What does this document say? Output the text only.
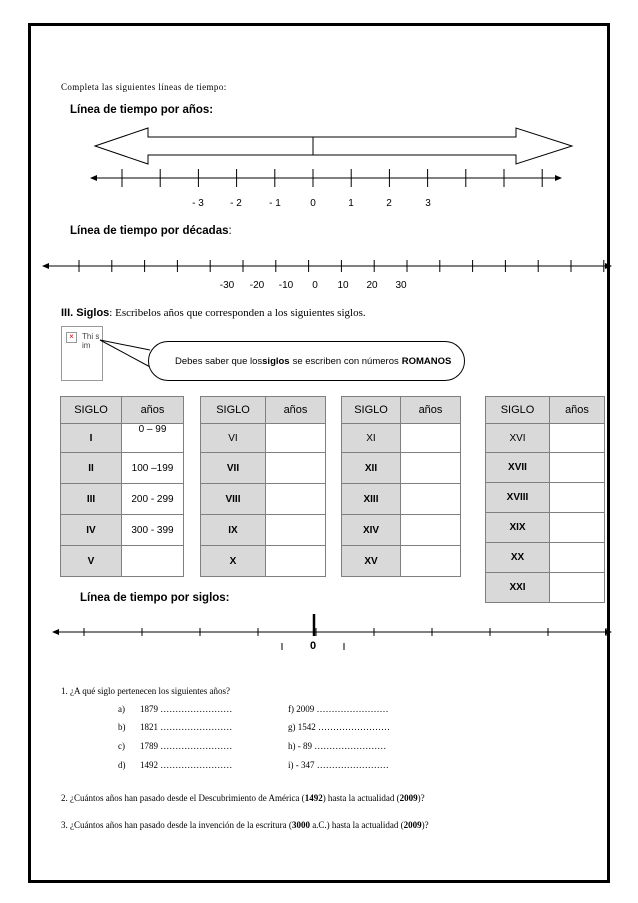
Completa las siguientes líneas de tiempo:
Línea de tiempo por años:
- 3	- 2	- 1	0	1	2	3
Línea de tiempo por décadas:
-30 -20 -10 0 10 20 30
III. Siglos: Escribelos años que corresponden a los siguientes siglos.
×	Thi s im
Debes saber que los siglos se escriben con números ROMANOS
SIGLO	años
I	0 – 99
II	100 –199
III	200 - 299
IV	300 - 399
V	
SIGLO	años
VI	
VII	
VIII	
IX	
X	
SIGLO	años
XI	
XII	
XIII	
XIV	
XV	
SIGLO	años
XVI	
XVII	
XVIII	
XIX	
XX	
XXI	
Línea de tiempo por siglos:
0
1. ¿A qué siglo pertenecen los siguientes años?
a) 1879 ……………………
b) 1821 ……………………
c) 1789 ……………………
d) 1492 ……………………
f) 2009 ……………………
g) 1542 ……………………
h) - 89 ……………………
i) - 347 ……………………
2. ¿Cuántos años han pasado desde el Descubrimiento de América (1492) hasta la actualidad (2009)?
3. ¿Cuántos años han pasado desde la invención de la escritura (3000 a.C.) hasta la actualidad (2009)?
